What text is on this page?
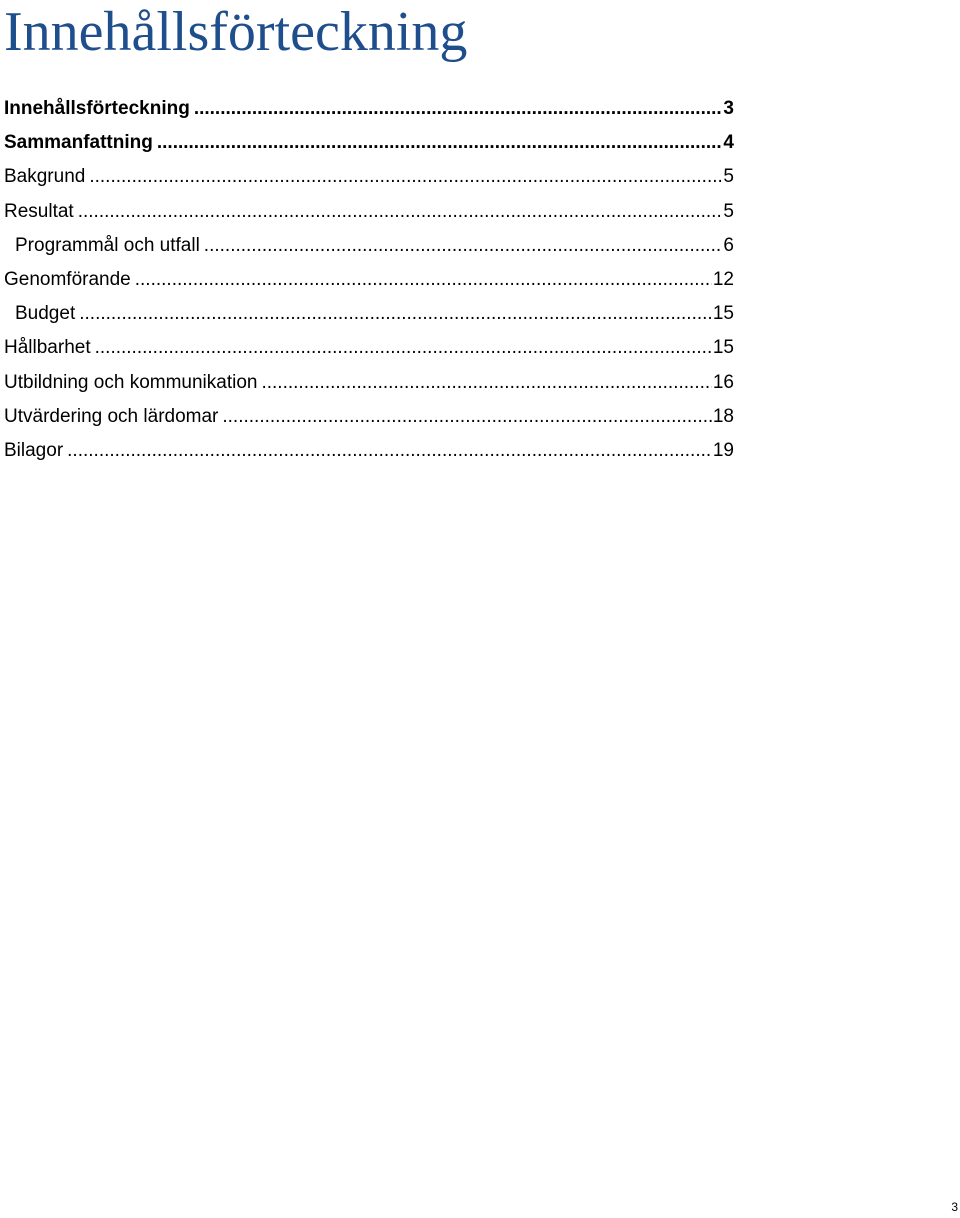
Innehållsförteckning
Innehållsförteckning .....	3
Sammanfattning .....	4
Bakgrund .....	5
Resultat .....	5
Programmål och utfall .....	6
Genomförande .....	12
Budget .....	15
Hållbarhet .....	15
Utbildning och kommunikation .....	16
Utvärdering och lärdomar .....	18
Bilagor .....	19
3
